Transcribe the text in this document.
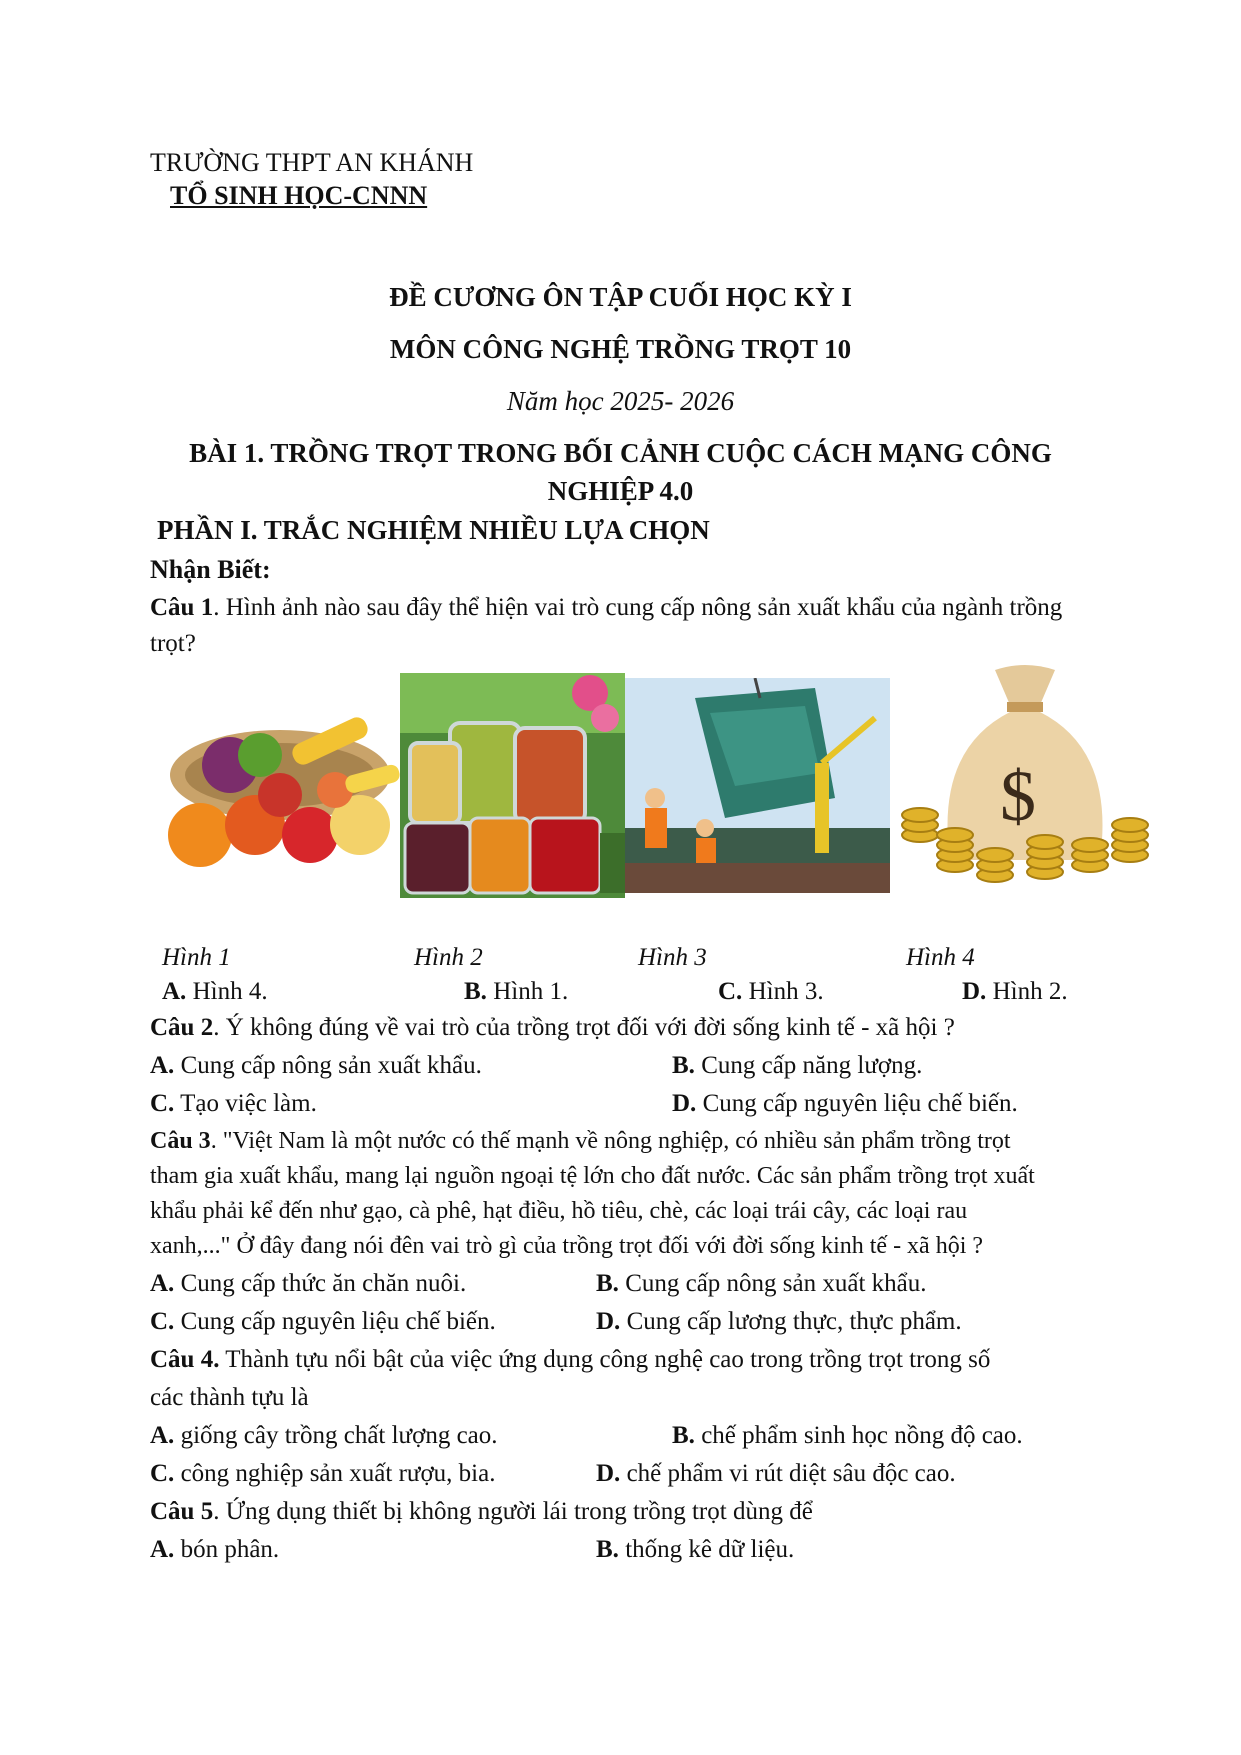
TRƯỜNG THPT AN KHÁNH
TỔ SINH HỌC-CNNN
ĐỀ CƯƠNG ÔN TẬP CUỐI HỌC KỲ I
MÔN CÔNG NGHỆ TRỒNG TRỌT 10
Năm học 2025- 2026
BÀI 1. TRỒNG TRỌT TRONG BỐI CẢNH CUỘC CÁCH MẠNG CÔNG
NGHIỆP 4.0
PHẦN I. TRẮC NGHIỆM NHIỀU LỰA CHỌN
Nhận Biết:
Câu 1. Hình ảnh nào sau đây thể hiện vai trò cung cấp nông sản xuất khẩu của ngành trồng
trọt?
$
Hình 1	Hình 2	Hình 3	Hình 4
A. Hình 4.	B. Hình 1.	C. Hình 3.	D. Hình 2.
Câu 2. Ý không đúng về vai trò của trồng trọt đối với đời sống kinh tế - xã hội ?
A. Cung cấp nông sản xuất khẩu.	B. Cung cấp năng lượng.
C. Tạo việc làm.	D. Cung cấp nguyên liệu chế biến.
Câu 3. "Việt Nam là một nước có thế mạnh về nông nghiệp, có nhiều sản phẩm trồng trọt
tham gia xuất khẩu, mang lại nguồn ngoại tệ lớn cho đất nước. Các sản phẩm trồng trọt xuất
khẩu phải kể đến như gạo, cà phê, hạt điều, hồ tiêu, chè, các loại trái cây, các loại rau
xanh,..." Ở đây đang nói đên vai trò gì của trồng trọt đối với đời sống kinh tế - xã hội ?
A. Cung cấp thức ăn chăn nuôi.	B. Cung cấp nông sản xuất khẩu.
C. Cung cấp nguyên liệu chế biến.	D. Cung cấp lương thực, thực phẩm.
Câu 4. Thành tựu nổi bật của việc ứng dụng công nghệ cao trong trồng trọt trong số
các thành tựu là
A. giống cây trồng chất lượng cao.	B. chế phẩm sinh học nồng độ cao.
C. công nghiệp sản xuất rượu, bia.	D. chế phẩm vi rút diệt sâu độc cao.
Câu 5. Ứng dụng thiết bị không người lái trong trồng trọt dùng để
A. bón phân.	B. thống kê dữ liệu.
